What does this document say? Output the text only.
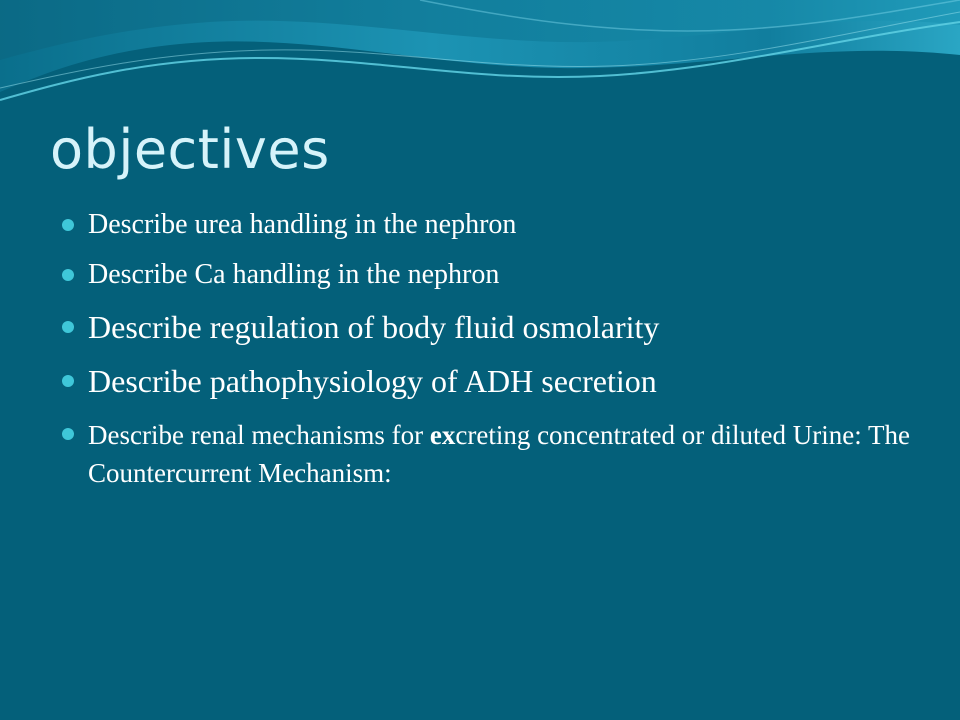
objectives
Describe urea handling in the nephron
Describe Ca handling in the nephron
Describe regulation of body fluid osmolarity
Describe pathophysiology of ADH secretion
Describe renal mechanisms for excreting concentrated or diluted Urine: The Countercurrent Mechanism:
